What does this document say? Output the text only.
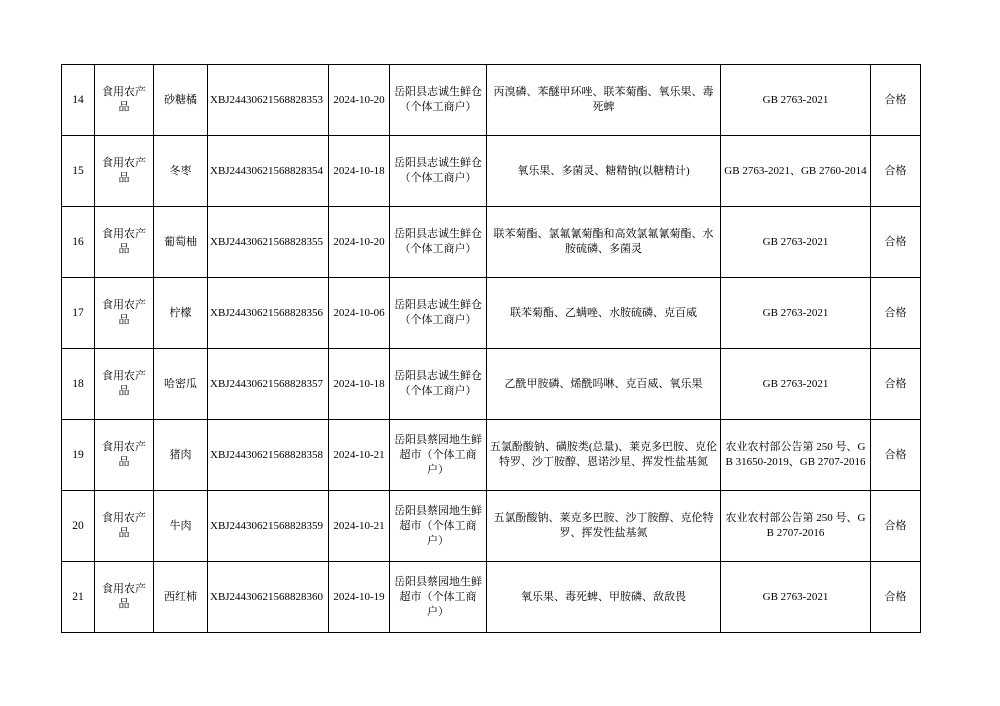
14	食用农产品	砂糖橘	XBJ24430621568828353	2024-10-20	岳阳县志诚生鲜仓（个体工商户）	丙溴磷、苯醚甲环唑、联苯菊酯、氧乐果、毒死蜱	GB 2763-2021	合格
15	食用农产品	冬枣	XBJ24430621568828354	2024-10-18	岳阳县志诚生鲜仓（个体工商户）	氧乐果、多菌灵、糖精钠(以糖精计)	GB 2763-2021、GB 2760-2014	合格
16	食用农产品	葡萄柚	XBJ24430621568828355	2024-10-20	岳阳县志诚生鲜仓（个体工商户）	联苯菊酯、氯氟氰菊酯和高效氯氟氰菊酯、水胺硫磷、多菌灵	GB 2763-2021	合格
17	食用农产品	柠檬	XBJ24430621568828356	2024-10-06	岳阳县志诚生鲜仓（个体工商户）	联苯菊酯、乙螨唑、水胺硫磷、克百威	GB 2763-2021	合格
18	食用农产品	哈密瓜	XBJ24430621568828357	2024-10-18	岳阳县志诚生鲜仓（个体工商户）	乙酰甲胺磷、烯酰吗啉、克百威、氧乐果	GB 2763-2021	合格
19	食用农产品	猪肉	XBJ24430621568828358	2024-10-21	岳阳县蔡园地生鲜超市（个体工商户）	五氯酚酸钠、磺胺类(总量)、莱克多巴胺、克伦特罗、沙丁胺醇、恩诺沙星、挥发性盐基氮	农业农村部公告第 250 号、GB 31650-2019、GB 2707-2016	合格
20	食用农产品	牛肉	XBJ24430621568828359	2024-10-21	岳阳县蔡园地生鲜超市（个体工商户）	五氯酚酸钠、莱克多巴胺、沙丁胺醇、克伦特罗、挥发性盐基氮	农业农村部公告第 250 号、GB 2707-2016	合格
21	食用农产品	西红柿	XBJ24430621568828360	2024-10-19	岳阳县蔡园地生鲜超市（个体工商户）	氧乐果、毒死蜱、甲胺磷、敌敌畏	GB 2763-2021	合格
